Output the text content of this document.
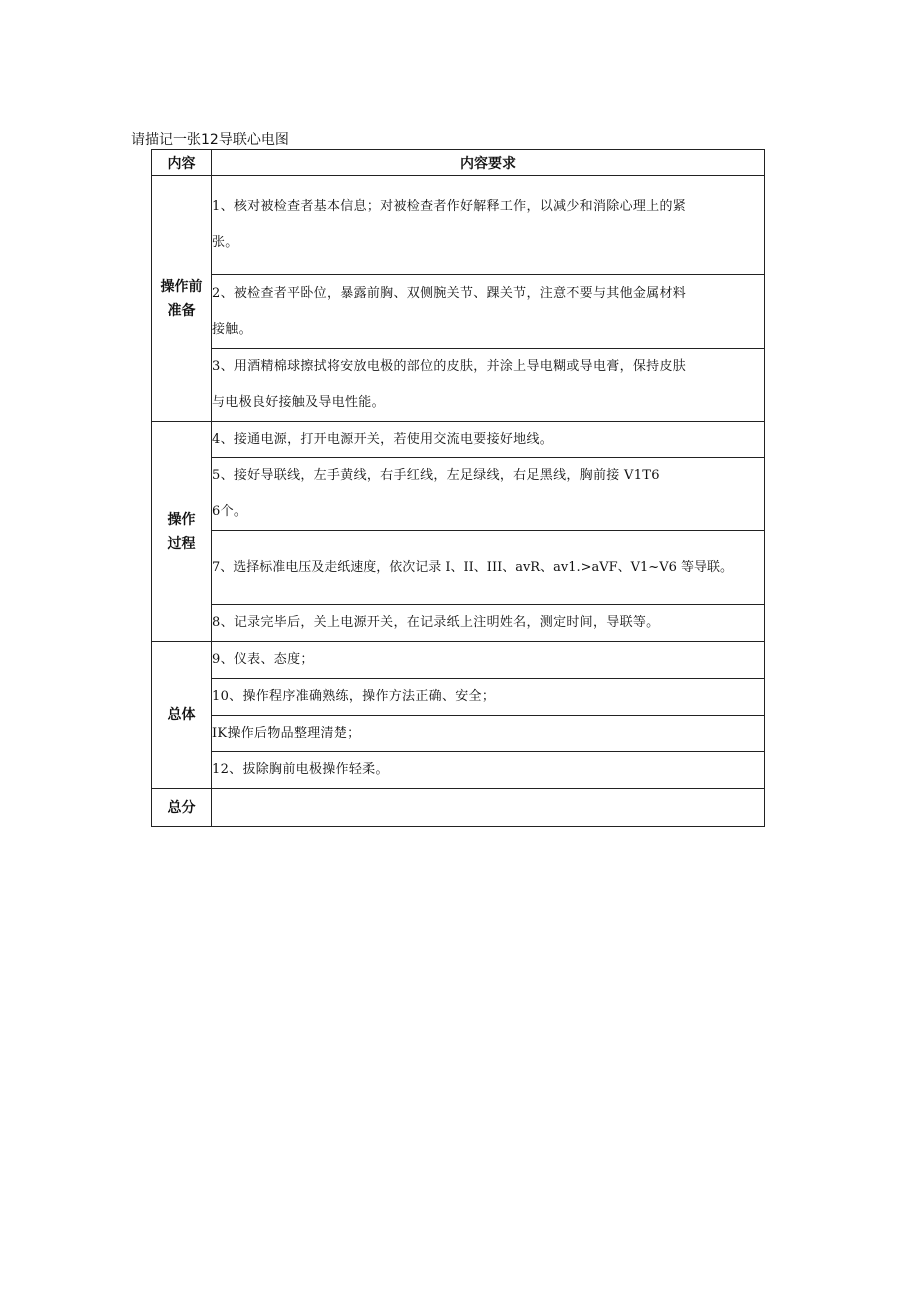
请描记一张12导联心电图
内容	内容要求

操作前
准备	1、核对被检查者基本信息；对被检查者作好解释工作，以减少和消除心理上的紧
张。

	2、被检查者平卧位，暴露前胸、双侧腕关节、踝关节，注意不要与其他金属材料
接触。

	3、用酒精棉球擦拭将安放电极的部位的皮肤，并涂上导电糊或导电膏，保持皮肤
与电极良好接触及导电性能。

操作
过程	4、接通电源，打开电源开关，若使用交流电要接好地线。

	5、接好导联线，左手黄线，右手红线，左足绿线，右足黑线，胸前接 V1T6
6个。

	7、选择标准电压及走纸速度，依次记录 I、II、III、avR、av1.>aVF、V1~V6 等导联。

	8、记录完毕后，关上电源开关，在记录纸上注明姓名，测定时间，导联等。

总体	9、仪表、态度；

	10、操作程序准确熟练，操作方法正确、安全；

	IK操作后物品整理清楚；

	12、拔除胸前电极操作轻柔。

总分	
